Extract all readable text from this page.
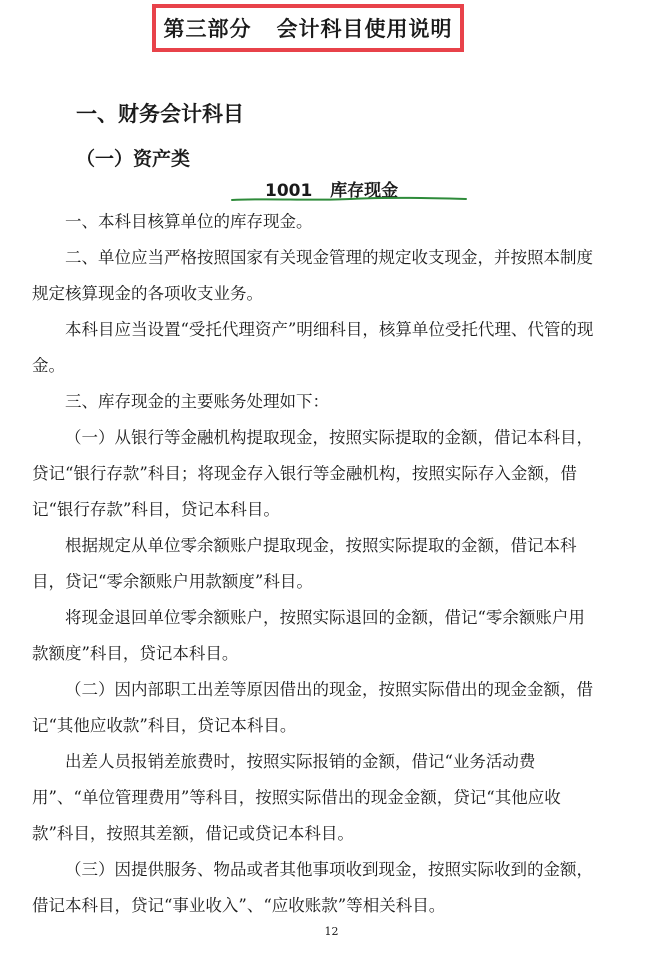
第三部分   会计科目使用说明
一、财务会计科目
（一）资产类
1001   库存现金

一、本科目核算单位的库存现金。

二、单位应当严格按照国家有关现金管理的规定收支现金，并按照本制度规定核算现金的各项收支业务。

本科目应当设置“受托代理资产”明细科目，核算单位受托代理、代管的现金。

三、库存现金的主要账务处理如下：

（一）从银行等金融机构提取现金，按照实际提取的金额，借记本科目，贷记“银行存款”科目；将现金存入银行等金融机构，按照实际存入金额，借记“银行存款”科目，贷记本科目。

根据规定从单位零余额账户提取现金，按照实际提取的金额，借记本科目，贷记“零余额账户用款额度”科目。

将现金退回单位零余额账户，按照实际退回的金额，借记“零余额账户用款额度”科目，贷记本科目。

（二）因内部职工出差等原因借出的现金，按照实际借出的现金金额，借记“其他应收款”科目，贷记本科目。

出差人员报销差旅费时，按照实际报销的金额，借记“业务活动费用”、“单位管理费用”等科目，按照实际借出的现金金额，贷记“其他应收款”科目，按照其差额，借记或贷记本科目。

（三）因提供服务、物品或者其他事项收到现金，按照实际收到的金额，借记本科目，贷记“事业收入”、“应收账款”等相关科目。

12
